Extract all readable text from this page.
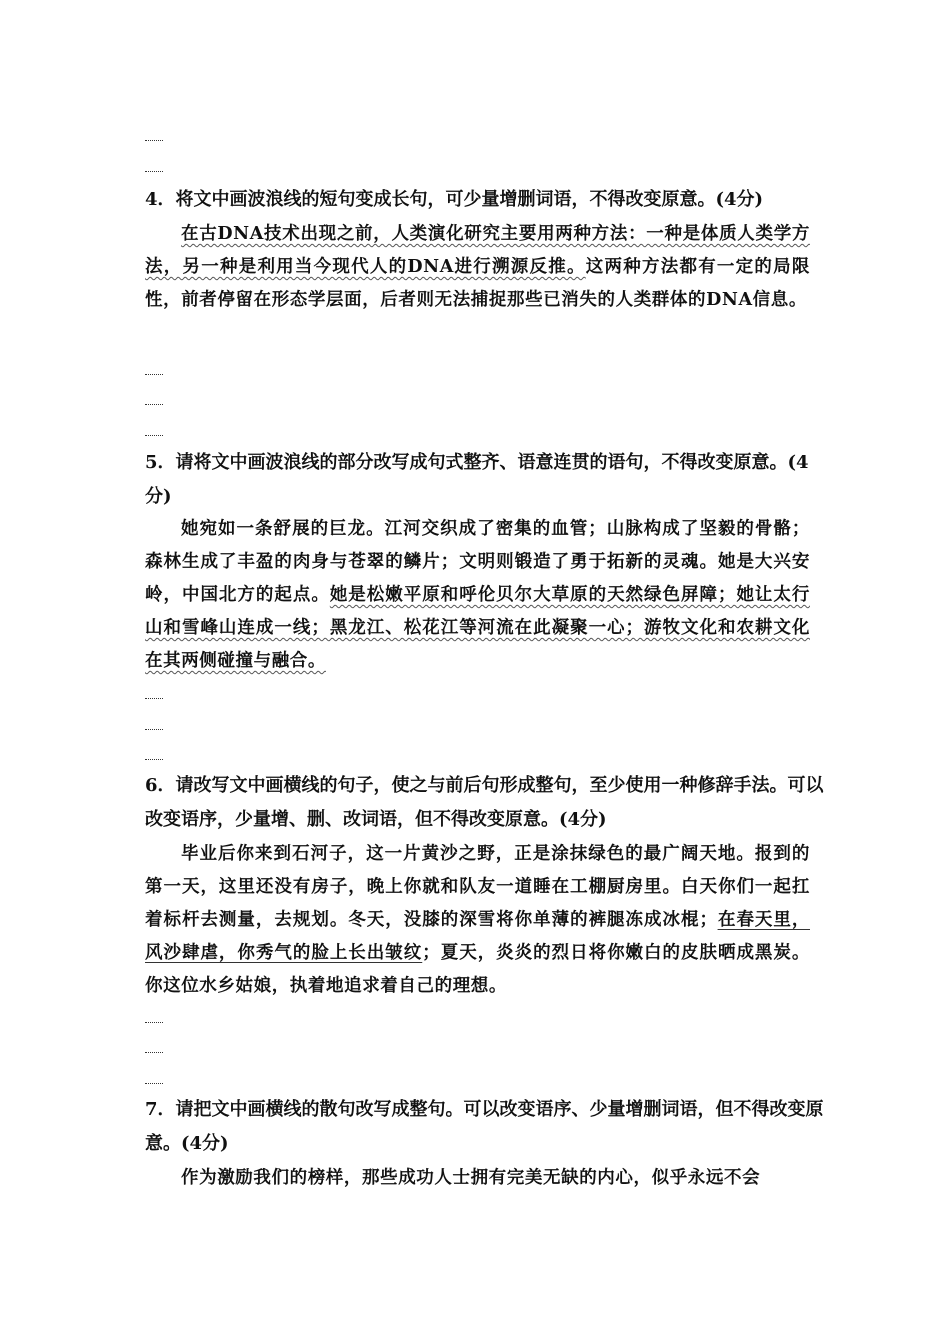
4．将文中画波浪线的短句变成长句，可少量增删词语，不得改变原意。(4分)

在古DNA技术出现之前，人类演化研究主要用两种方法：一种是体质人类学方法，另一种是利用当今现代人的DNA进行溯源反推。这两种方法都有一定的局限性，前者停留在形态学层面，后者则无法捕捉那些已消失的人类群体的DNA信息。

5．请将文中画波浪线的部分改写成句式整齐、语意连贯的语句，不得改变原意。(4分)

她宛如一条舒展的巨龙。江河交织成了密集的血管；山脉构成了坚毅的骨骼；森林生成了丰盈的肉身与苍翠的鳞片；文明则锻造了勇于拓新的灵魂。她是大兴安岭，中国北方的起点。她是松嫩平原和呼伦贝尔大草原的天然绿色屏障；她让太行山和雪峰山连成一线；黑龙江、松花江等河流在此凝聚一心；游牧文化和农耕文化在其两侧碰撞与融合。

6．请改写文中画横线的句子，使之与前后句形成整句，至少使用一种修辞手法。可以改变语序，少量增、删、改词语，但不得改变原意。(4分)

毕业后你来到石河子，这一片黄沙之野，正是涂抹绿色的最广阔天地。报到的第一天，这里还没有房子，晚上你就和队友一道睡在工棚厨房里。白天你们一起扛着标杆去测量，去规划。冬天，没膝的深雪将你单薄的裤腿冻成冰棍；在春天里，风沙肆虐，你秀气的脸上长出皱纹；夏天，炎炎的烈日将你嫩白的皮肤晒成黑炭。你这位水乡姑娘，执着地追求着自己的理想。

7．请把文中画横线的散句改写成整句。可以改变语序、少量增删词语，但不得改变原意。(4分)

作为激励我们的榜样，那些成功人士拥有完美无缺的内心，似乎永远不会
